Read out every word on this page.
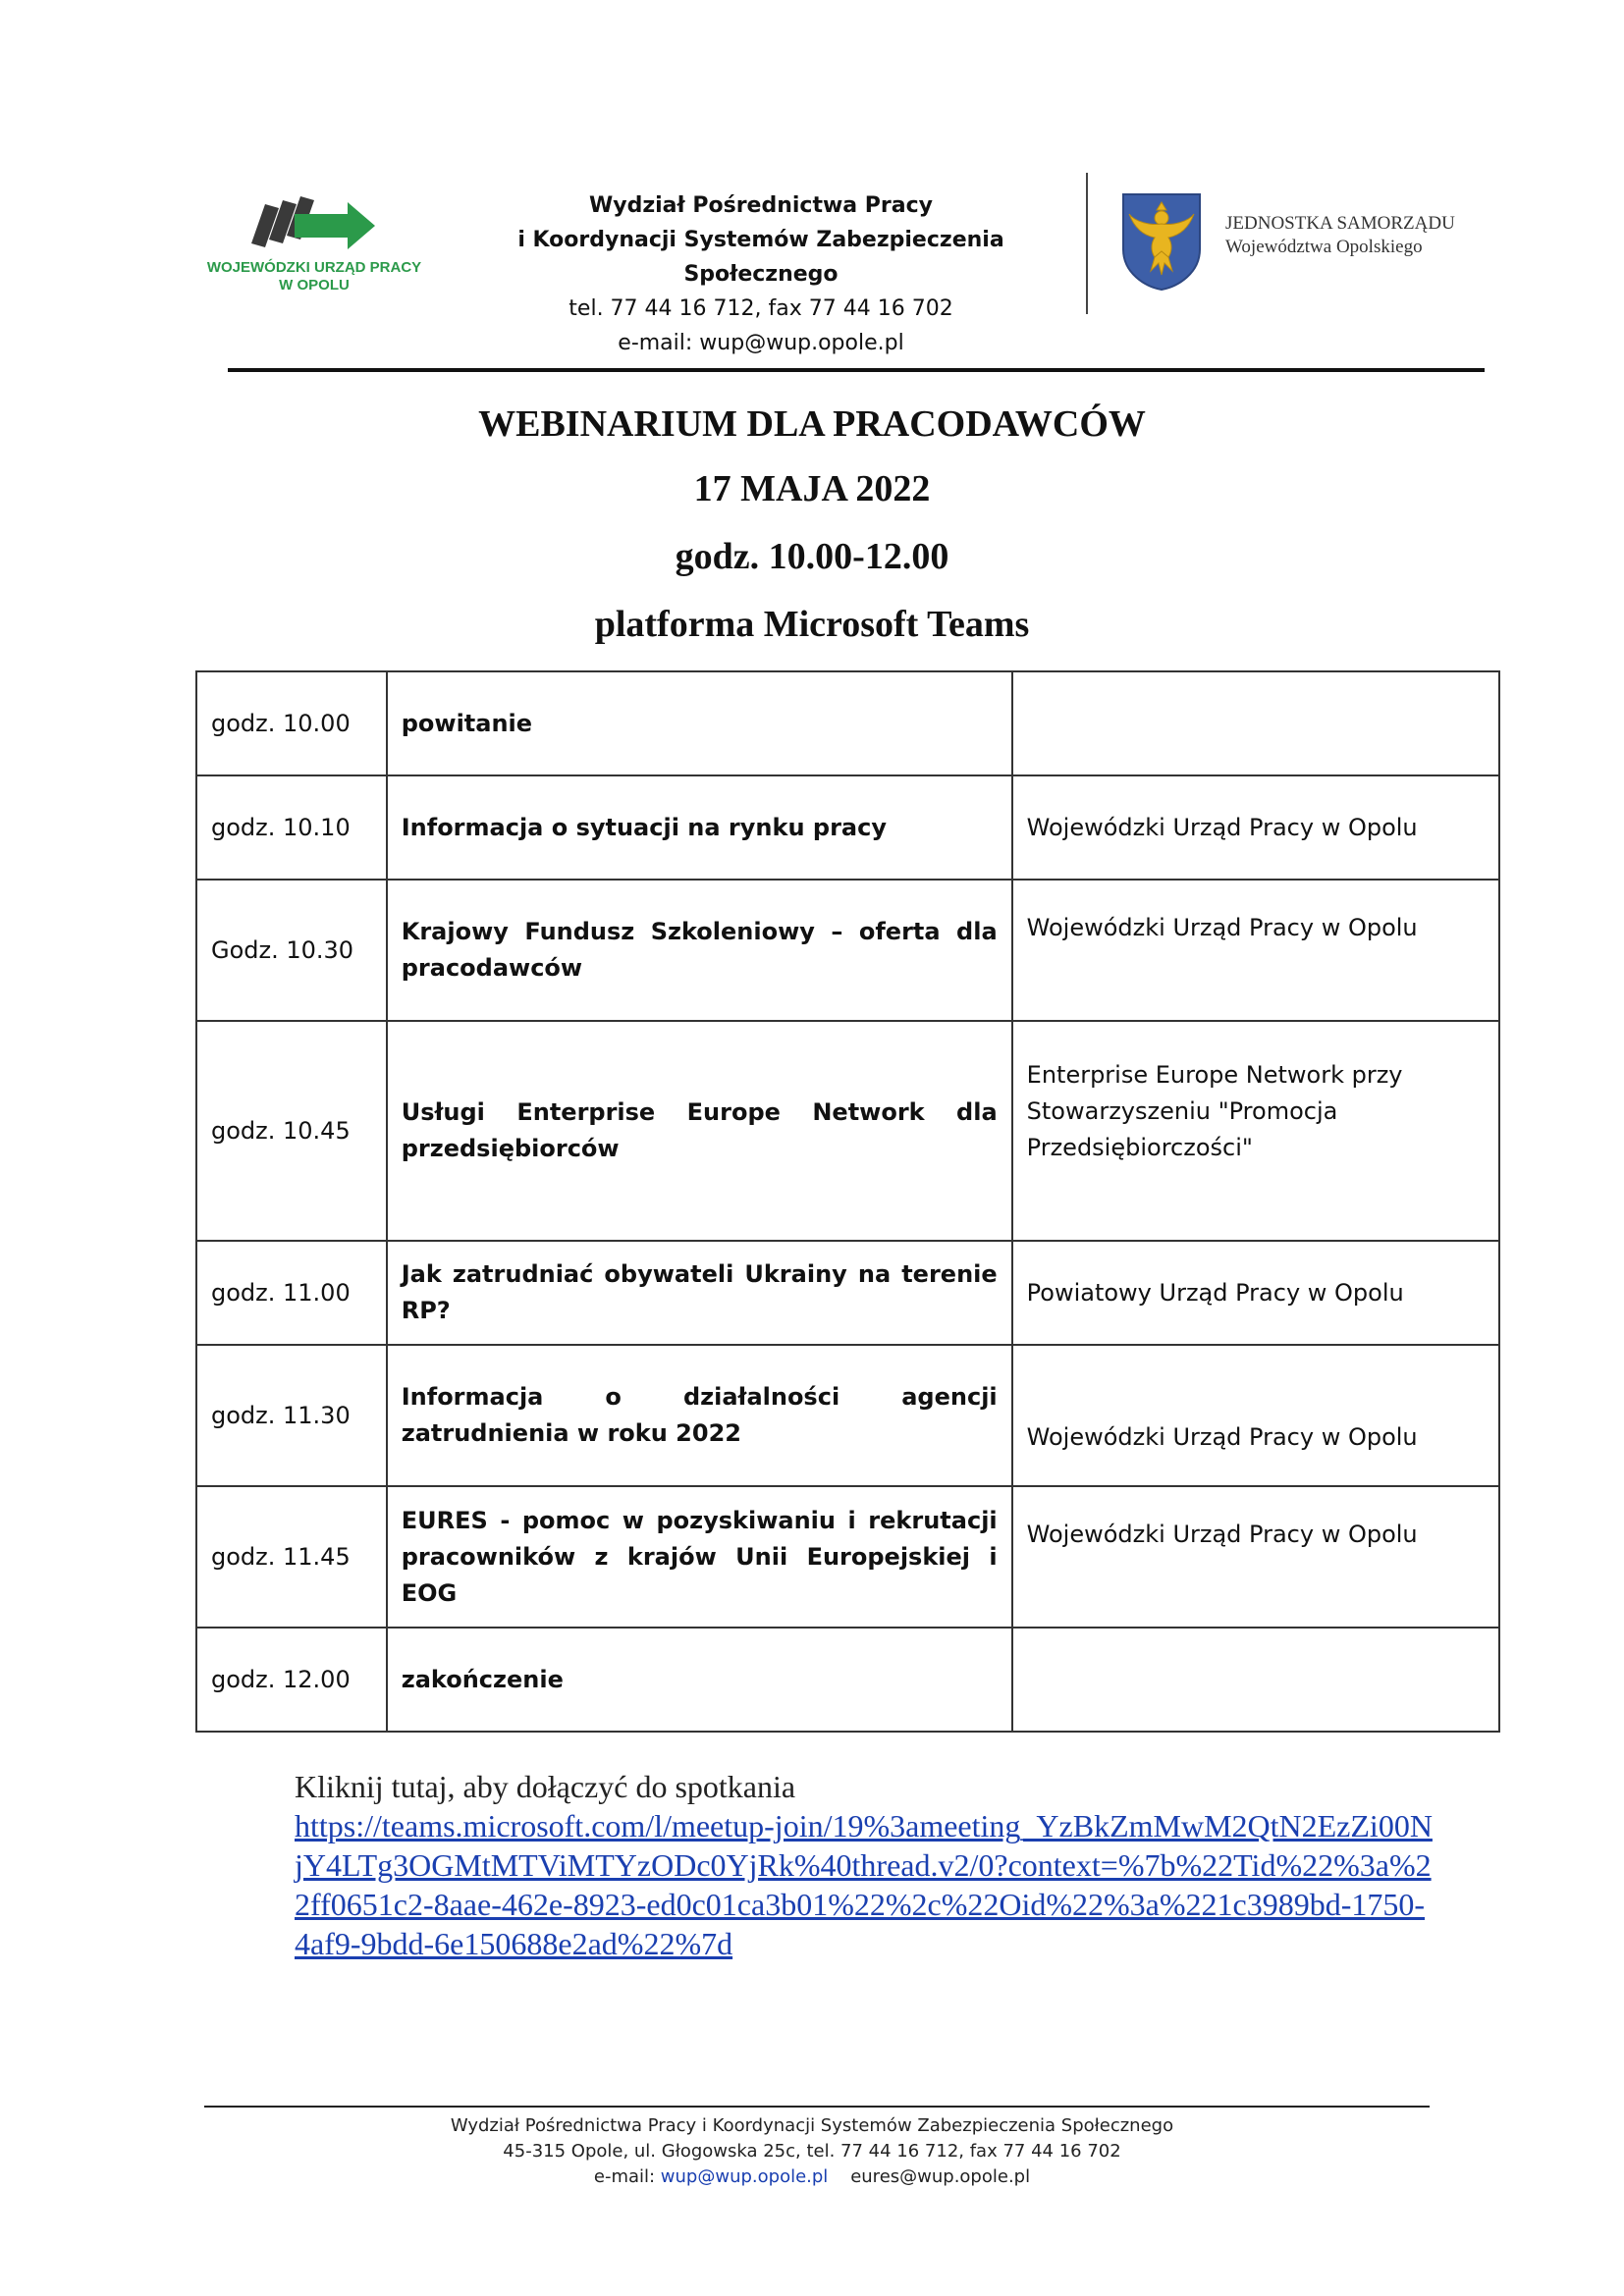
WOJEWÓDZKI URZĄD PRACY
W OPOLU
Wydział Pośrednictwa Pracy
i Koordynacji Systemów Zabezpieczenia Społecznego
tel. 77 44 16 712, fax 77 44 16 702
e-mail: wup@wup.opole.pl
JEDNOSTKA SAMORZĄDU
Województwa Opolskiego
WEBINARIUM DLA PRACODAWCÓW
17 MAJA 2022
godz. 10.00-12.00
platforma Microsoft Teams
godz. 10.00	powitanie	
godz. 10.10	Informacja o sytuacji na rynku pracy	Wojewódzki Urząd Pracy w Opolu
Godz. 10.30	Krajowy Fundusz Szkoleniowy – oferta dla pracodawców	Wojewódzki Urząd Pracy w Opolu
godz. 10.45	Usługi Enterprise Europe Network dla przedsiębiorców	Enterprise Europe Network przy Stowarzyszeniu "Promocja Przedsiębiorczości"
godz. 11.00	Jak zatrudniać obywateli Ukrainy na terenie RP?	Powiatowy Urząd Pracy w Opolu
godz. 11.30	Informacja o działalności agencji zatrudnienia w roku 2022	Wojewódzki Urząd Pracy w Opolu
godz. 11.45	EURES - pomoc w pozyskiwaniu i rekrutacji pracowników z krajów Unii Europejskiej i EOG	Wojewódzki Urząd Pracy w Opolu
godz. 12.00	zakończenie	
Kliknij tutaj, aby dołączyć do spotkania
https://teams.microsoft.com/l/meetup-join/19%3ameeting_YzBkZmMwM2QtN2EzZi00NjY4LTg3OGMtMTViMTYzODc0YjRk%40thread.v2/0?context=%7b%22Tid%22%3a%22ff0651c2-8aae-462e-8923-ed0c01ca3b01%22%2c%22Oid%22%3a%221c3989bd-1750-4af9-9bdd-6e150688e2ad%22%7d
Wydział Pośrednictwa Pracy i Koordynacji Systemów Zabezpieczenia Społecznego
45-315 Opole, ul. Głogowska 25c, tel. 77 44 16 712, fax 77 44 16 702
e-mail: wup@wup.opole.pl eures@wup.opole.pl
